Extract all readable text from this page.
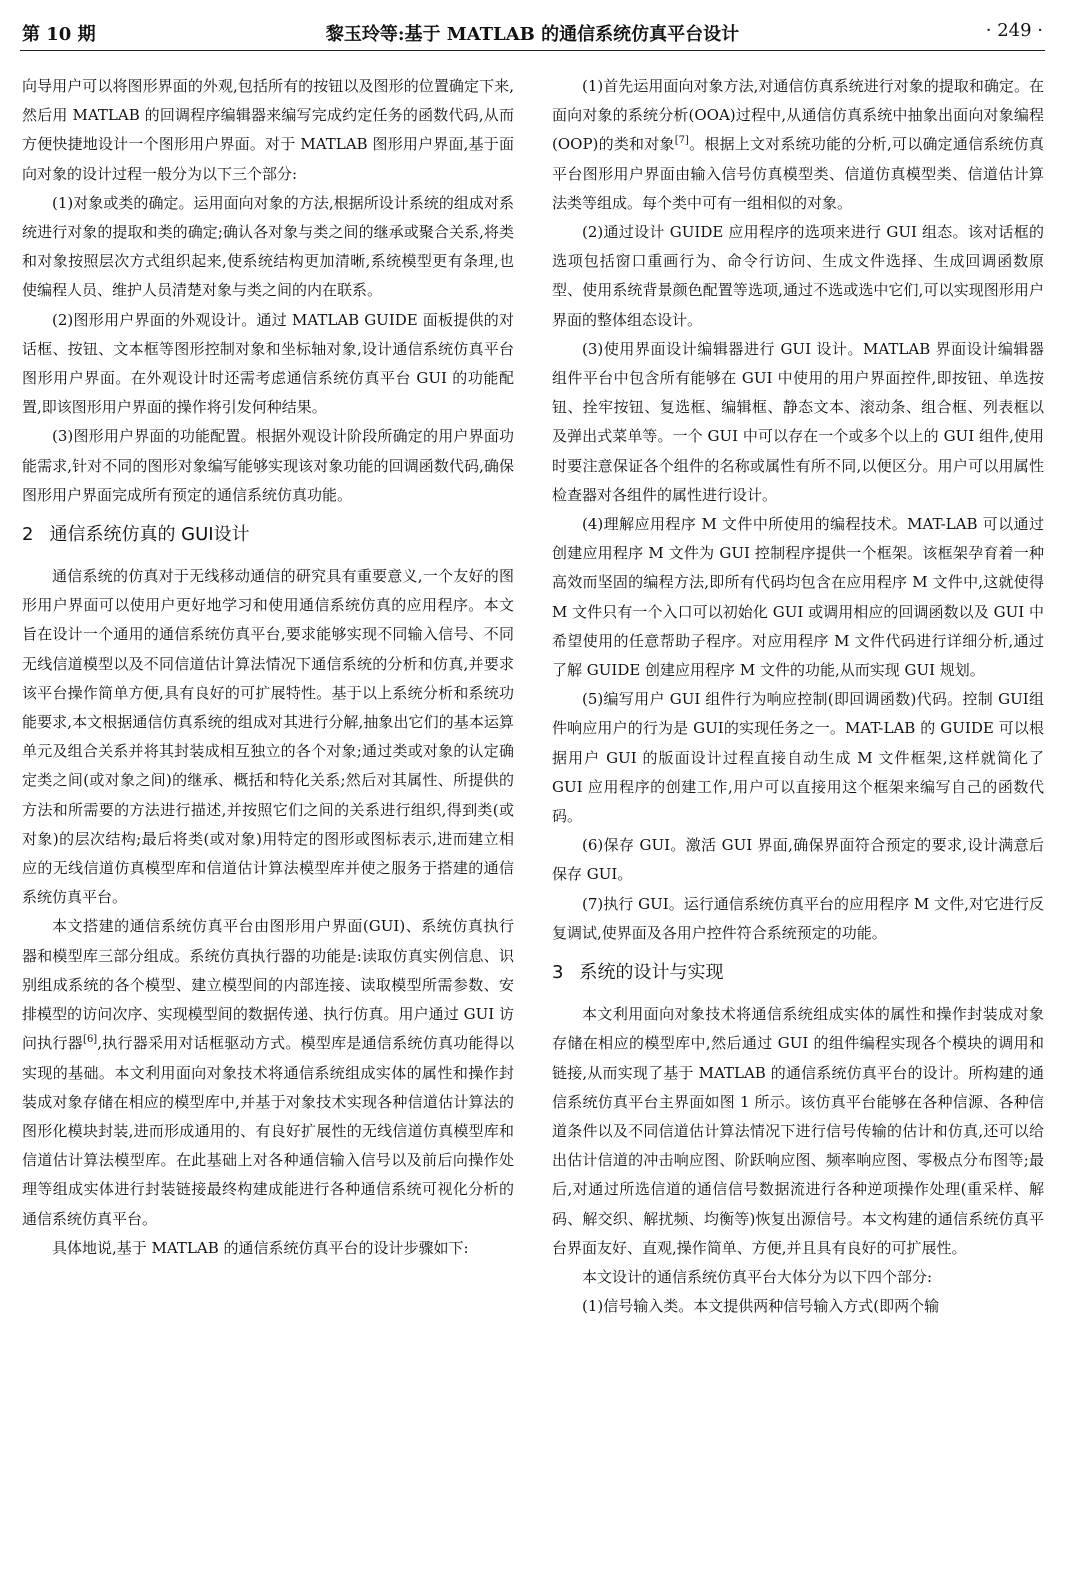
第 10 期	黎玉玲等:基于 MATLAB 的通信系统仿真平台设计	· 249 ·

向导用户可以将图形界面的外观,包括所有的按钮以及图形的位置确定下来,然后用 MATLAB 的回调程序编辑器来编写完成约定任务的函数代码,从而方便快捷地设计一个图形用户界面。对于 MATLAB 图形用户界面,基于面向对象的设计过程一般分为以下三个部分:

(1)对象或类的确定。运用面向对象的方法,根据所设计系统的组成对系统进行对象的提取和类的确定;确认各对象与类之间的继承或聚合关系,将类和对象按照层次方式组织起来,使系统结构更加清晰,系统模型更有条理,也使编程人员、维护人员清楚对象与类之间的内在联系。

(2)图形用户界面的外观设计。通过 MATLAB GUIDE 面板提供的对话框、按钮、文本框等图形控制对象和坐标轴对象,设计通信系统仿真平台图形用户界面。在外观设计时还需考虑通信系统仿真平台 GUI 的功能配置,即该图形用户界面的操作将引发何种结果。

(3)图形用户界面的功能配置。根据外观设计阶段所确定的用户界面功能需求,针对不同的图形对象编写能够实现该对象功能的回调函数代码,确保图形用户界面完成所有预定的通信系统仿真功能。

2 通信系统仿真的 GUI设计

通信系统的仿真对于无线移动通信的研究具有重要意义,一个友好的图形用户界面可以使用户更好地学习和使用通信系统仿真的应用程序。本文旨在设计一个通用的通信系统仿真平台,要求能够实现不同输入信号、不同无线信道模型以及不同信道估计算法情况下通信系统的分析和仿真,并要求该平台操作简单方便,具有良好的可扩展特性。基于以上系统分析和系统功能要求,本文根据通信仿真系统的组成对其进行分解,抽象出它们的基本运算单元及组合关系并将其封装成相互独立的各个对象;通过类或对象的认定确定类之间(或对象之间)的继承、概括和特化关系;然后对其属性、所提供的方法和所需要的方法进行描述,并按照它们之间的关系进行组织,得到类(或对象)的层次结构;最后将类(或对象)用特定的图形或图标表示,进而建立相应的无线信道仿真模型库和信道估计算法模型库并使之服务于搭建的通信系统仿真平台。

本文搭建的通信系统仿真平台由图形用户界面(GUI)、系统仿真执行器和模型库三部分组成。系统仿真执行器的功能是:读取仿真实例信息、识别组成系统的各个模型、建立模型间的内部连接、读取模型所需参数、安排模型的访问次序、实现模型间的数据传递、执行仿真。用户通过 GUI 访问执行器[6],执行器采用对话框驱动方式。模型库是通信系统仿真功能得以实现的基础。本文利用面向对象技术将通信系统组成实体的属性和操作封装成对象存储在相应的模型库中,并基于对象技术实现各种信道估计算法的图形化模块封装,进而形成通用的、有良好扩展性的无线信道仿真模型库和信道估计算法模型库。在此基础上对各种通信输入信号以及前后向操作处理等组成实体进行封装链接最终构建成能进行各种通信系统可视化分析的通信系统仿真平台。

具体地说,基于 MATLAB 的通信系统仿真平台的设计步骤如下:

(1)首先运用面向对象方法,对通信仿真系统进行对象的提取和确定。在面向对象的系统分析(OOA)过程中,从通信仿真系统中抽象出面向对象编程(OOP)的类和对象[7]。根据上文对系统功能的分析,可以确定通信系统仿真平台图形用户界面由输入信号仿真模型类、信道仿真模型类、信道估计算法类等组成。每个类中可有一组相似的对象。

(2)通过设计 GUIDE 应用程序的选项来进行 GUI 组态。该对话框的选项包括窗口重画行为、命令行访问、生成文件选择、生成回调函数原型、使用系统背景颜色配置等选项,通过不选或选中它们,可以实现图形用户界面的整体组态设计。

(3)使用界面设计编辑器进行 GUI 设计。MATLAB 界面设计编辑器组件平台中包含所有能够在 GUI 中使用的用户界面控件,即按钮、单选按钮、拴牢按钮、复选框、编辑框、静态文本、滚动条、组合框、列表框以及弹出式菜单等。一个 GUI 中可以存在一个或多个以上的 GUI 组件,使用时要注意保证各个组件的名称或属性有所不同,以便区分。用户可以用属性检查器对各组件的属性进行设计。

(4)理解应用程序 M 文件中所使用的编程技术。MAT-LAB 可以通过创建应用程序 M 文件为 GUI 控制程序提供一个框架。该框架孕育着一种高效而坚固的编程方法,即所有代码均包含在应用程序 M 文件中,这就使得 M 文件只有一个入口可以初始化 GUI 或调用相应的回调函数以及 GUI 中希望使用的任意帮助子程序。对应用程序 M 文件代码进行详细分析,通过了解 GUIDE 创建应用程序 M 文件的功能,从而实现 GUI 规划。

(5)编写用户 GUI 组件行为响应控制(即回调函数)代码。控制 GUI组件响应用户的行为是 GUI的实现任务之一。MAT-LAB 的 GUIDE 可以根据用户 GUI 的版面设计过程直接自动生成 M 文件框架,这样就简化了 GUI 应用程序的创建工作,用户可以直接用这个框架来编写自己的函数代码。

(6)保存 GUI。激活 GUI 界面,确保界面符合预定的要求,设计满意后保存 GUI。

(7)执行 GUI。运行通信系统仿真平台的应用程序 M 文件,对它进行反复调试,使界面及各用户控件符合系统预定的功能。

3 系统的设计与实现

本文利用面向对象技术将通信系统组成实体的属性和操作封装成对象存储在相应的模型库中,然后通过 GUI 的组件编程实现各个模块的调用和链接,从而实现了基于 MATLAB 的通信系统仿真平台的设计。所构建的通信系统仿真平台主界面如图 1 所示。该仿真平台能够在各种信源、各种信道条件以及不同信道估计算法情况下进行信号传输的估计和仿真,还可以给出估计信道的冲击响应图、阶跃响应图、频率响应图、零极点分布图等;最后,对通过所选信道的通信信号数据流进行各种逆项操作处理(重采样、解码、解交织、解扰频、均衡等)恢复出源信号。本文构建的通信系统仿真平台界面友好、直观,操作简单、方便,并且具有良好的可扩展性。

本文设计的通信系统仿真平台大体分为以下四个部分:

(1)信号输入类。本文提供两种信号输入方式(即两个输
